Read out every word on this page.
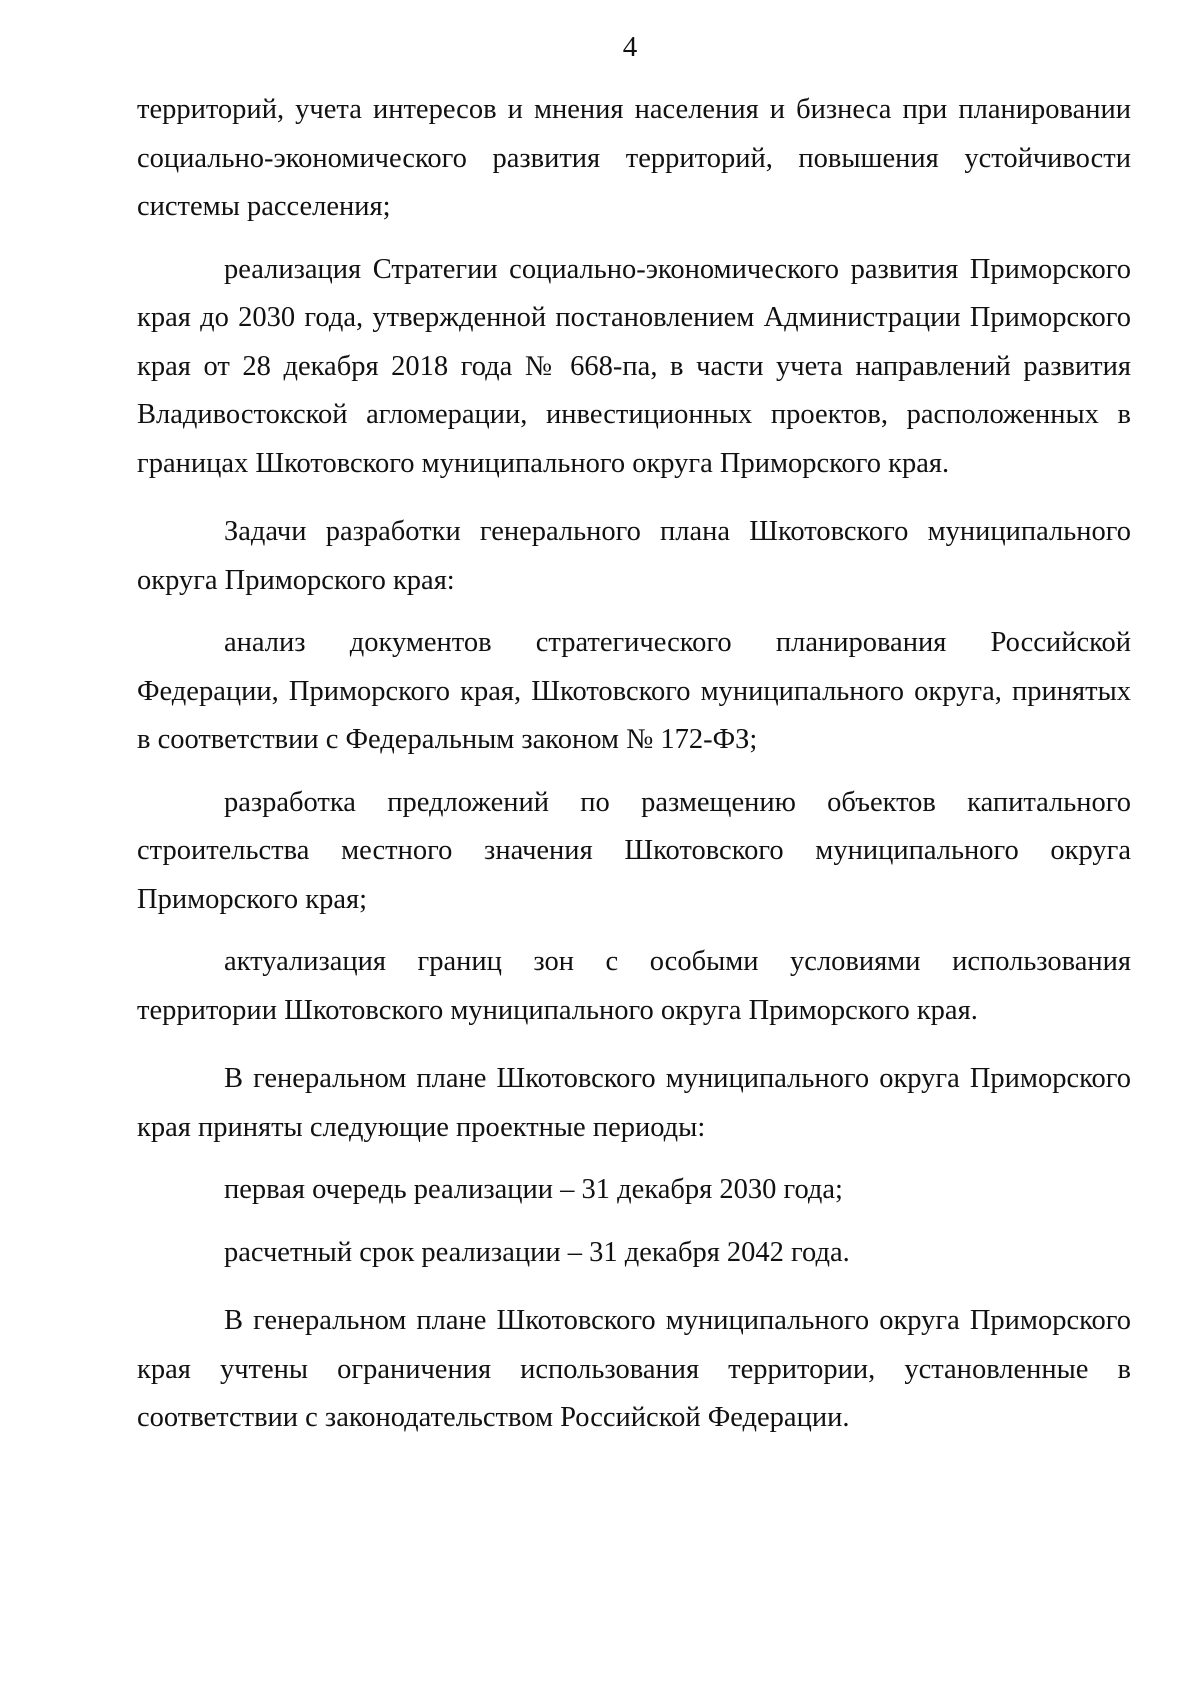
4

территорий, учета интересов и мнения населения и бизнеса при планировании социально-экономического развития территорий, повышения устойчивости системы расселения;

реализация Стратегии социально-экономического развития Приморского края до 2030 года, утвержденной постановлением Администрации Приморского края от 28 декабря 2018 года № 668-па, в части учета направлений развития Владивостокской агломерации, инвестиционных проектов, расположенных в границах Шкотовского муниципального округа Приморского края.

Задачи разработки генерального плана Шкотовского муниципального округа Приморского края:

анализ документов стратегического планирования Российской Федерации, Приморского края, Шкотовского муниципального округа, принятых в соответствии с Федеральным законом № 172-ФЗ;

разработка предложений по размещению объектов капитального строительства местного значения Шкотовского муниципального округа Приморского края;

актуализация границ зон с особыми условиями использования территории Шкотовского муниципального округа Приморского края.

В генеральном плане Шкотовского муниципального округа Приморского края приняты следующие проектные периоды:

первая очередь реализации – 31 декабря 2030 года;

расчетный срок реализации – 31 декабря 2042 года.

В генеральном плане Шкотовского муниципального округа Приморского края учтены ограничения использования территории, установленные в соответствии с законодательством Российской Федерации.
